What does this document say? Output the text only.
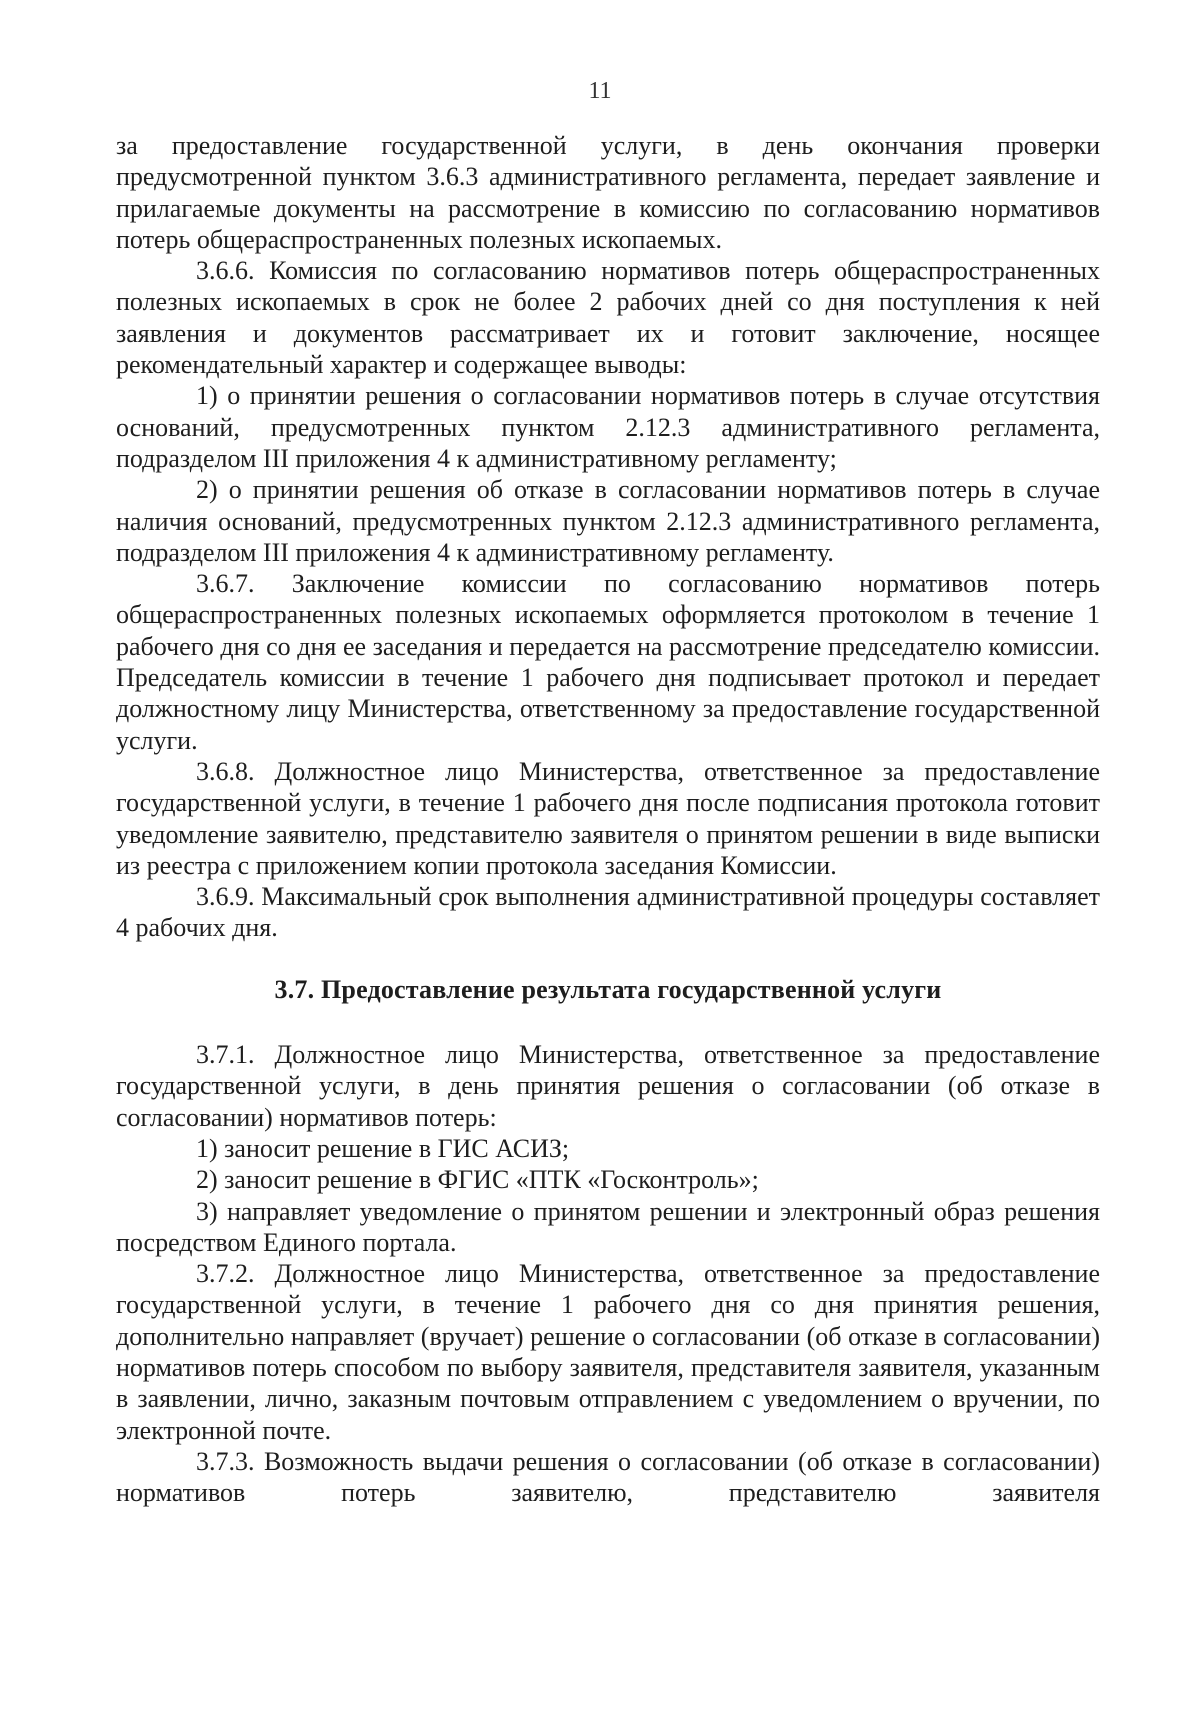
11

за предоставление государственной услуги, в день окончания проверки предусмотренной пунктом 3.6.3 административного регламента, передает заявление и прилагаемые документы на рассмотрение в комиссию по согласованию нормативов потерь общераспространенных полезных ископаемых.

3.6.6. Комиссия по согласованию нормативов потерь общераспространенных полезных ископаемых в срок не более 2 рабочих дней со дня поступления к ней заявления и документов рассматривает их и готовит заключение, носящее рекомендательный характер и содержащее выводы:

1) о принятии решения о согласовании нормативов потерь в случае отсутствия оснований, предусмотренных пунктом 2.12.3 административного регламента, подразделом III приложения 4 к административному регламенту;

2) о принятии решения об отказе в согласовании нормативов потерь в случае наличия оснований, предусмотренных пунктом 2.12.3 административного регламента, подразделом III приложения 4 к административному регламенту.

3.6.7. Заключение комиссии по согласованию нормативов потерь общераспространенных полезных ископаемых оформляется протоколом в течение 1 рабочего дня со дня ее заседания и передается на рассмотрение председателю комиссии. Председатель комиссии в течение 1 рабочего дня подписывает протокол и передает должностному лицу Министерства, ответственному за предоставление государственной услуги.

3.6.8. Должностное лицо Министерства, ответственное за предоставление государственной услуги, в течение 1 рабочего дня после подписания протокола готовит уведомление заявителю, представителю заявителя о принятом решении в виде выписки из реестра с приложением копии протокола заседания Комиссии.

3.6.9. Максимальный срок выполнения административной процедуры составляет 4 рабочих дня.

3.7. Предоставление результата государственной услуги

3.7.1. Должностное лицо Министерства, ответственное за предоставление государственной услуги, в день принятия решения о согласовании (об отказе в согласовании) нормативов потерь:

1) заносит решение в ГИС АСИЗ;

2) заносит решение в ФГИС «ПТК «Госконтроль»;

3) направляет уведомление о принятом решении и электронный образ решения посредством Единого портала.

3.7.2. Должностное лицо Министерства, ответственное за предоставление государственной услуги, в течение 1 рабочего дня со дня принятия решения, дополнительно направляет (вручает) решение о согласовании (об отказе в согласовании) нормативов потерь способом по выбору заявителя, представителя заявителя, указанным в заявлении, лично, заказным почтовым отправлением с уведомлением о вручении, по электронной почте.

3.7.3. Возможность выдачи решения о согласовании (об отказе в согласовании) нормативов потерь заявителю, представителю заявителя
